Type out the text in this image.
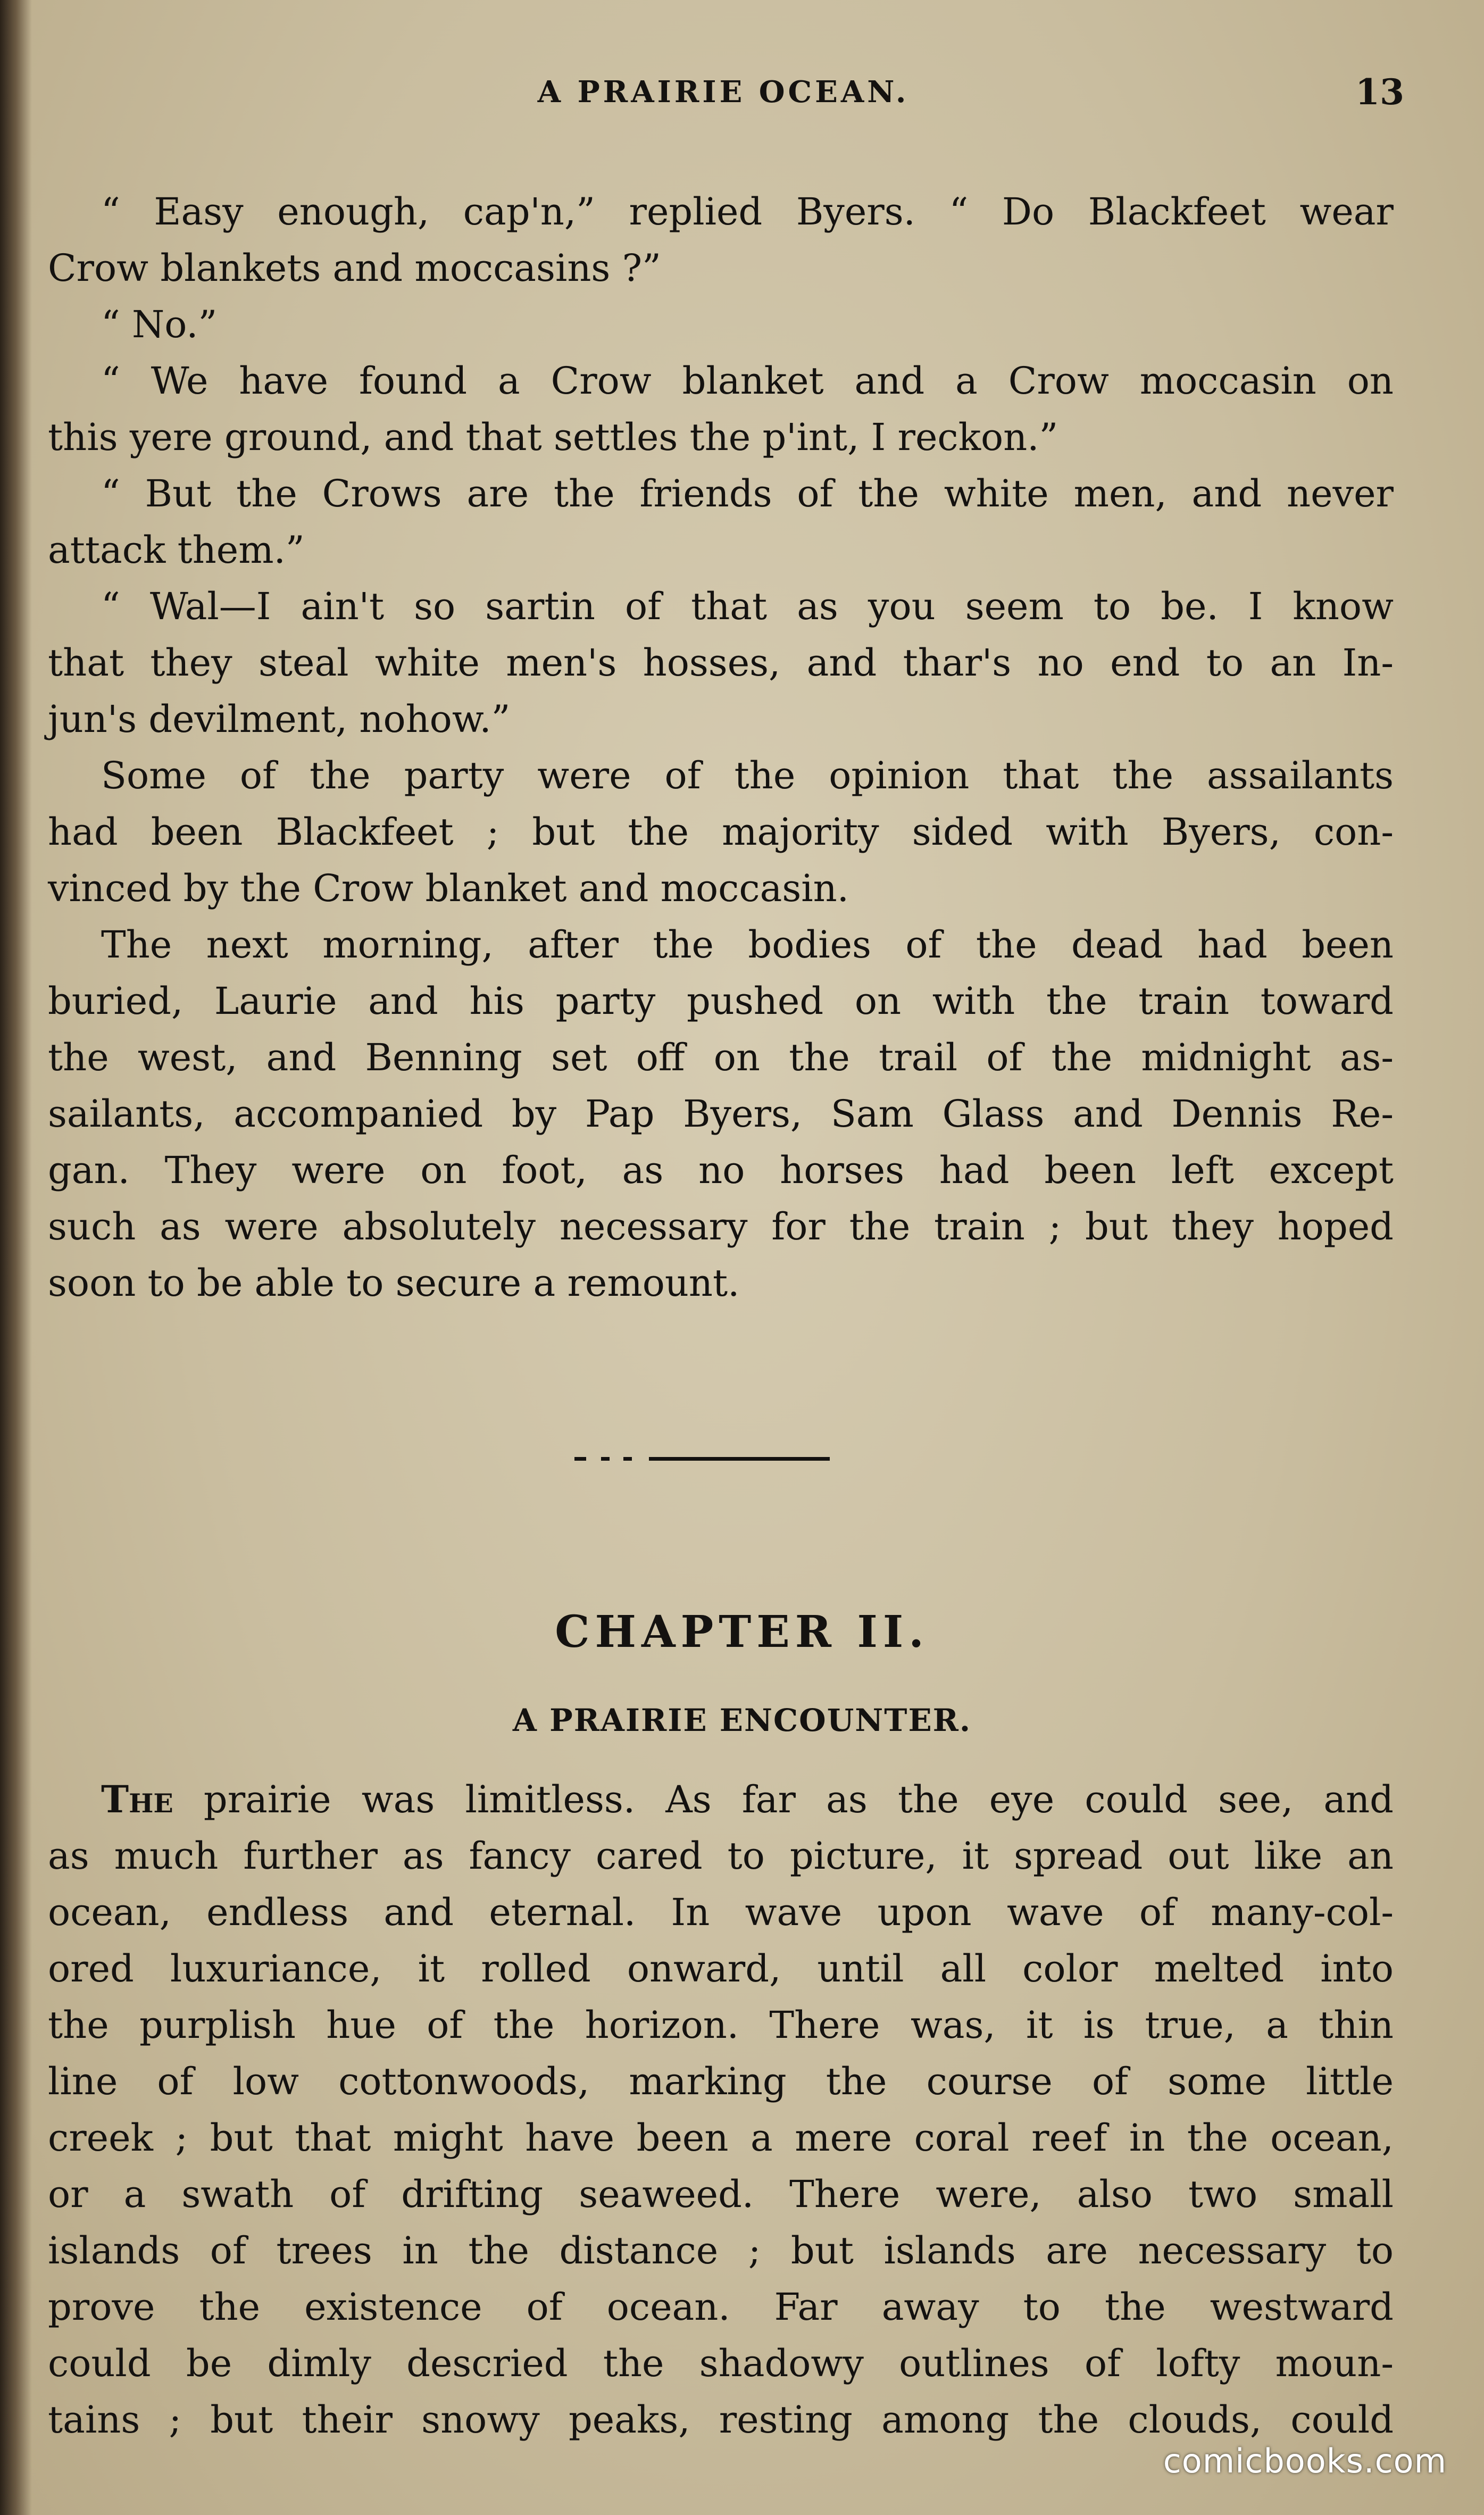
A PRAIRIE OCEAN.	13
“ Easy enough, cap'n,” replied Byers. “ Do Blackfeet wear
Crow blankets and moccasins ?”
“ No.”
“ We have found a Crow blanket and a Crow moccasin on
this yere ground, and that settles the p'int, I reckon.”
“ But the Crows are the friends of the white men, and never
attack them.”
“ Wal—I ain't so sartin of that as you seem to be. I know
that they steal white men's hosses, and thar's no end to an In-
jun's devilment, nohow.”
Some of the party were of the opinion that the assailants
had been Blackfeet ; but the majority sided with Byers, con-
vinced by the Crow blanket and moccasin.
The next morning, after the bodies of the dead had been
buried, Laurie and his party pushed on with the train toward
the west, and Benning set off on the trail of the midnight as-
sailants, accompanied by Pap Byers, Sam Glass and Dennis Re-
gan. They were on foot, as no horses had been left except
such as were absolutely necessary for the train ; but they hoped
soon to be able to secure a remount.
CHAPTER II.
A PRAIRIE ENCOUNTER.
The prairie was limitless. As far as the eye could see, and
as much further as fancy cared to picture, it spread out like an
ocean, endless and eternal. In wave upon wave of many-col-
ored luxuriance, it rolled onward, until all color melted into
the purplish hue of the horizon. There was, it is true, a thin
line of low cottonwoods, marking the course of some little
creek ; but that might have been a mere coral reef in the ocean,
or a swath of drifting seaweed. There were, also two small
islands of trees in the distance ; but islands are necessary to
prove the existence of ocean. Far away to the westward
could be dimly descried the shadowy outlines of lofty moun-
tains ; but their snowy peaks, resting among the clouds, could
comicbooks.com
